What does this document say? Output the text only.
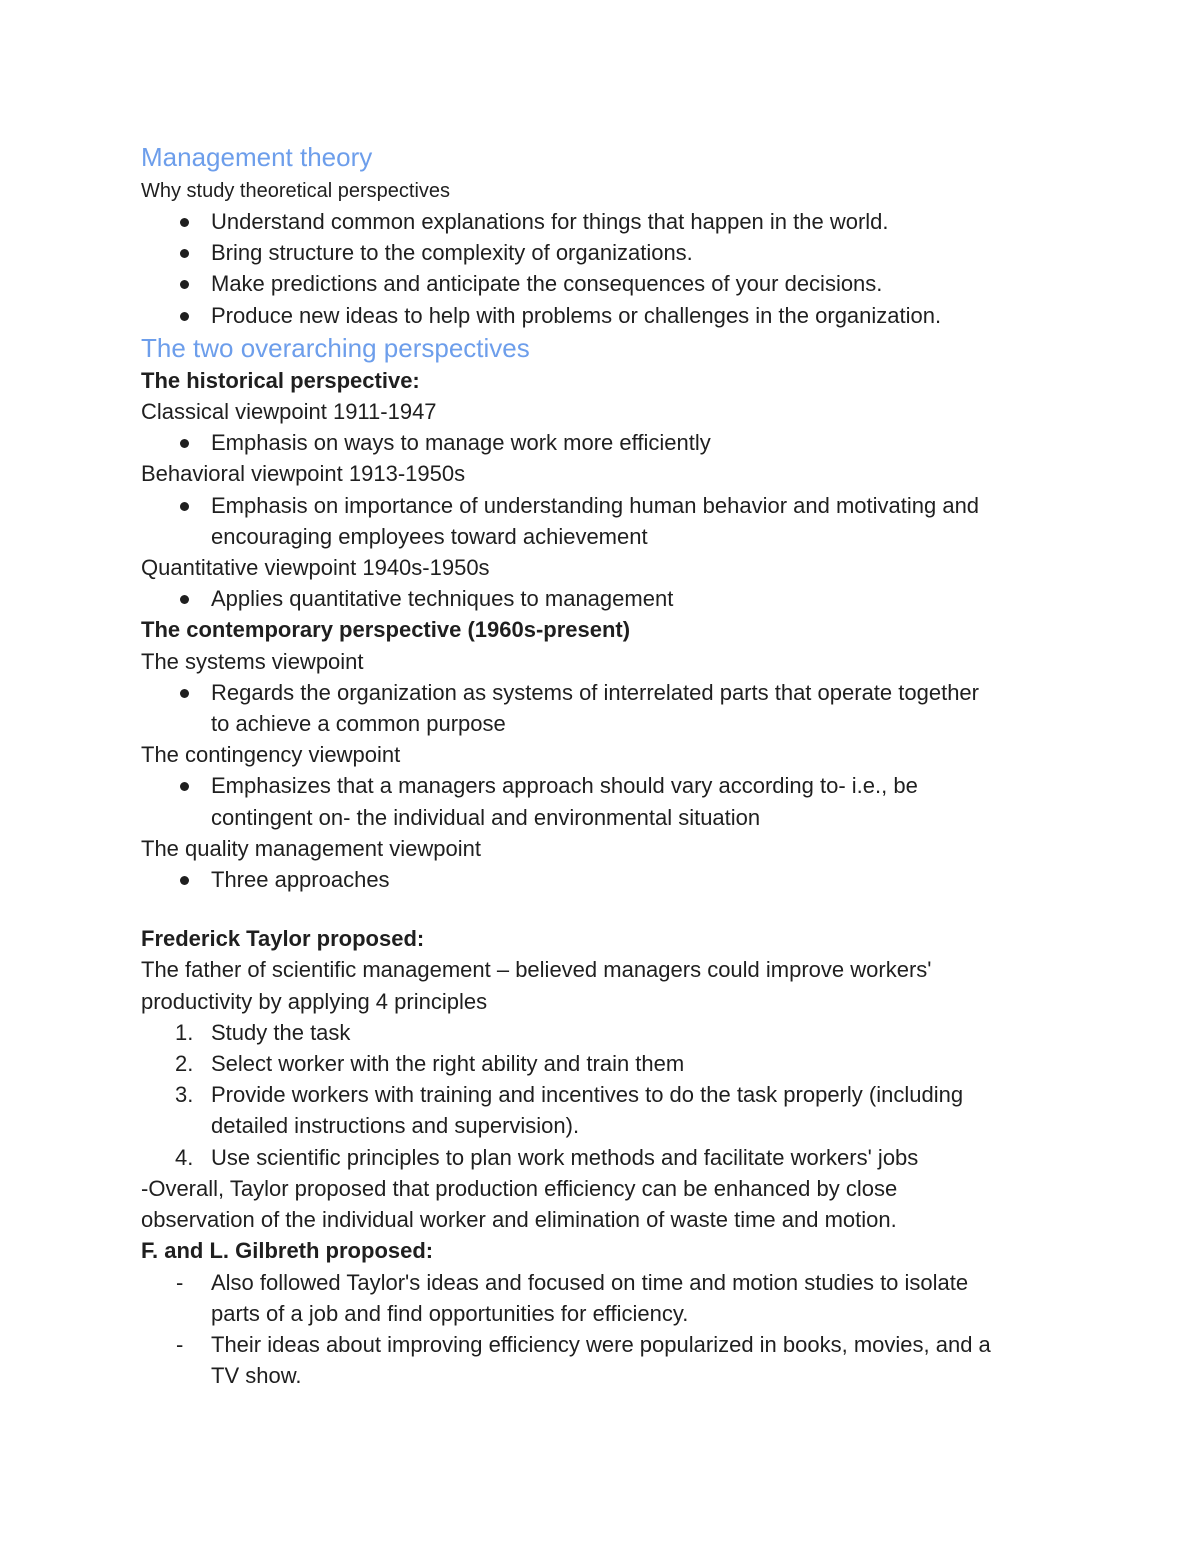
Management theory
Why study theoretical perspectives
Understand common explanations for things that happen in the world.
Bring structure to the complexity of organizations.
Make predictions and anticipate the consequences of your decisions.
Produce new ideas to help with problems or challenges in the organization.
The two overarching perspectives
The historical perspective:
Classical viewpoint 1911-1947
Emphasis on ways to manage work more efficiently
Behavioral viewpoint 1913-1950s
Emphasis on importance of understanding human behavior and motivating and
encouraging employees toward achievement
Quantitative viewpoint 1940s-1950s
Applies quantitative techniques to management
The contemporary perspective (1960s-present)
The systems viewpoint
Regards the organization as systems of interrelated parts that operate together
to achieve a common purpose
The contingency viewpoint
Emphasizes that a managers approach should vary according to- i.e., be
contingent on- the individual and environmental situation
The quality management viewpoint
Three approaches
Frederick Taylor proposed:
The father of scientific management – believed managers could improve workers'
productivity by applying 4 principles
1. Study the task
2. Select worker with the right ability and train them
3. Provide workers with training and incentives to do the task properly (including
detailed instructions and supervision).
4. Use scientific principles to plan work methods and facilitate workers' jobs
-Overall, Taylor proposed that production efficiency can be enhanced by close
observation of the individual worker and elimination of waste time and motion.
F. and L. Gilbreth proposed:
- Also followed Taylor's ideas and focused on time and motion studies to isolate
parts of a job and find opportunities for efficiency.
- Their ideas about improving efficiency were popularized in books, movies, and a
TV show.
